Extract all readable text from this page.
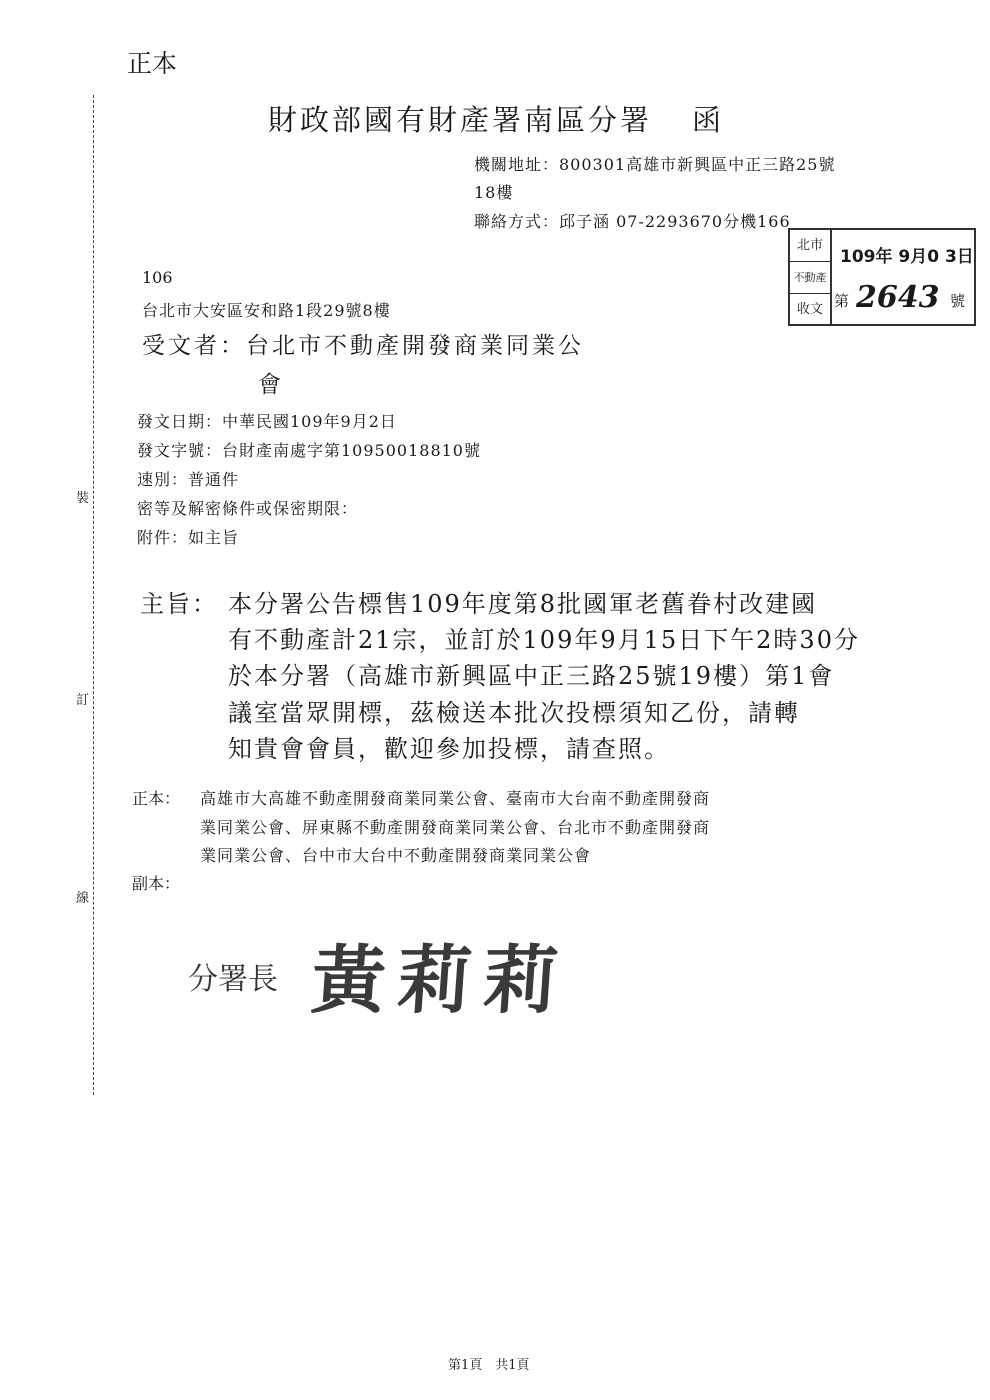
裝
訂
線
正本
財政部國有財產署南區分署 函
機關地址：800301高雄市新興區中正三路25號
18樓
聯絡方式：邱子涵 07-2293670分機166
北市
不動產
收文
109年 9月0 3日
第 2643 號
106
台北市大安區安和路1段29號8樓
受文者：台北市不動產開發商業同業公
會
發文日期：中華民國109年9月2日
發文字號：台財產南處字第10950018810號
速別：普通件
密等及解密條件或保密期限：
附件：如主旨
主旨： 本分署公告標售109年度第8批國軍老舊眷村改建國
有不動產計21宗，並訂於109年9月15日下午2時30分
於本分署（高雄市新興區中正三路25號19樓）第1會
議室當眾開標，茲檢送本批次投標須知乙份，請轉
知貴會會員，歡迎參加投標，請查照。
正本： 高雄市大高雄不動產開發商業同業公會、臺南市大台南不動產開發商
業同業公會、屏東縣不動產開發商業同業公會、台北市不動產開發商
業同業公會、台中市大台中不動產開發商業同業公會
副本：
分署長 黃莉莉
第1頁　共1頁
